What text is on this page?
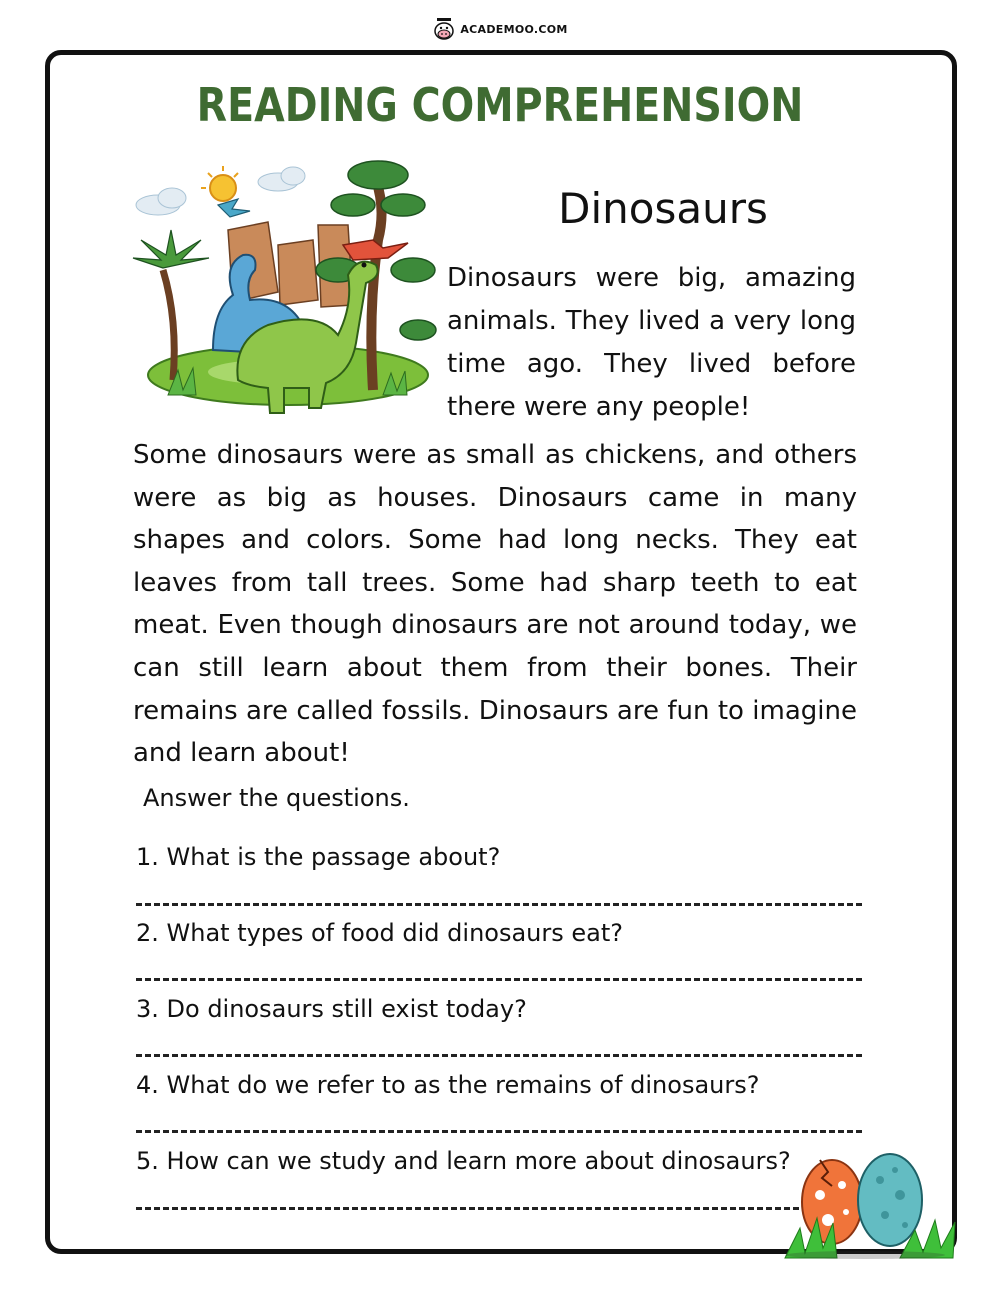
ACADEMOO.COM
READING COMPREHENSION
Dinosaurs
Dinosaurs were big, amazing animals. They lived a very long time ago. They lived before there were any people!
Some dinosaurs were as small as chickens, and others were as big as houses. Dinosaurs came in many shapes and colors. Some had long necks. They eat leaves from tall trees. Some had sharp teeth to eat meat. Even though dinosaurs are not around today, we can still learn about them from their bones. Their remains are called fossils. Dinosaurs are fun to imagine and learn about!
Answer the questions.
1. What is the passage about?
2. What types of food did dinosaurs eat?
3. Do dinosaurs still exist today?
4. What do we refer to as the remains of dinosaurs?
5. How can we study and learn more about dinosaurs?
